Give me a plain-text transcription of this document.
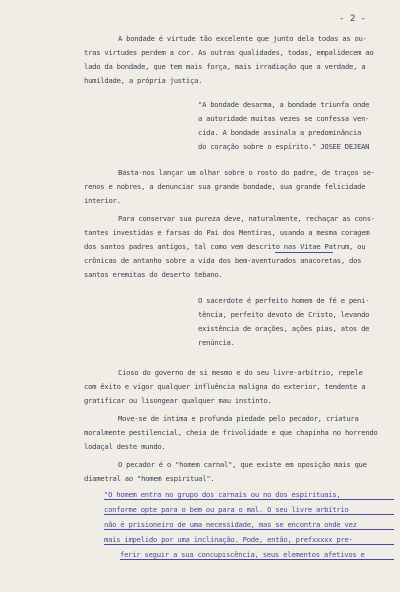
- 2 -
A bondade é virtude tão excelente que junto dela todas as ou-
tras virtudes perdem a cor. As outras qualidades, todas, empalidecem ao
lado da bondade, que tem mais força, mais irradiação que a verdade, a
humildade, a própria justiça.
"A bondade desarma, a bondade triunfa onde
a autoridade muitas vezes se confessa ven-
cida. A bondade assinala a predominância
do coração sobre o espírito." JOSEE DEJEAN
Basta-nos lançar um olhar sobre o rosto do padre, de traços se-
renos e nobres, a denunciar sua grande bondade, sua grande felicidade
interior.
Para conservar sua pureza deve, naturalmente, rechaçar as cons-
tantes investidas e farsas do Pai dos Mentiras, usando a mesma coragem
dos santos padres antigos, tal como vem descrito nas Vitae Patrum, ou
crônicas de antanho sobre a vida dos bem-aventurados anacoretas, dos
santos eremitas do deserto tebano.
O sacerdote é perfeito homem de fé e peni-
tência, perfeito devoto de Cristo, levando
existência de orações, ações pias, atos de
renúncia.
Cioso do governo de si mesmo e do seu livre-arbítrio, repele
com êxito e vigor qualquer influência maligna do exterior, tendente a
gratificar ou lisongear qualquer mau instinto.
Move-se de íntima e profunda piedade pelo pecador, criatura
moralmente pestilencial, cheia de frivolidade e que chapinha no horrendo
lodaçal deste mundo.
O pecador é o "homem carnal", que existe em oposição mais que
diametral ao "homem espiritual".
"O homem entra no grupo dos carnais ou no dos espirituais,
conforme opte para o bem ou para o mal. O seu livre arbítrio
não é prisioneiro de uma necessidade, mas se encontra onde vez
mais impelido por uma inclinação. Pode, então, prefxxxxx pre-
ferir seguir a sua concupiscência, seus elementos afetivos e
